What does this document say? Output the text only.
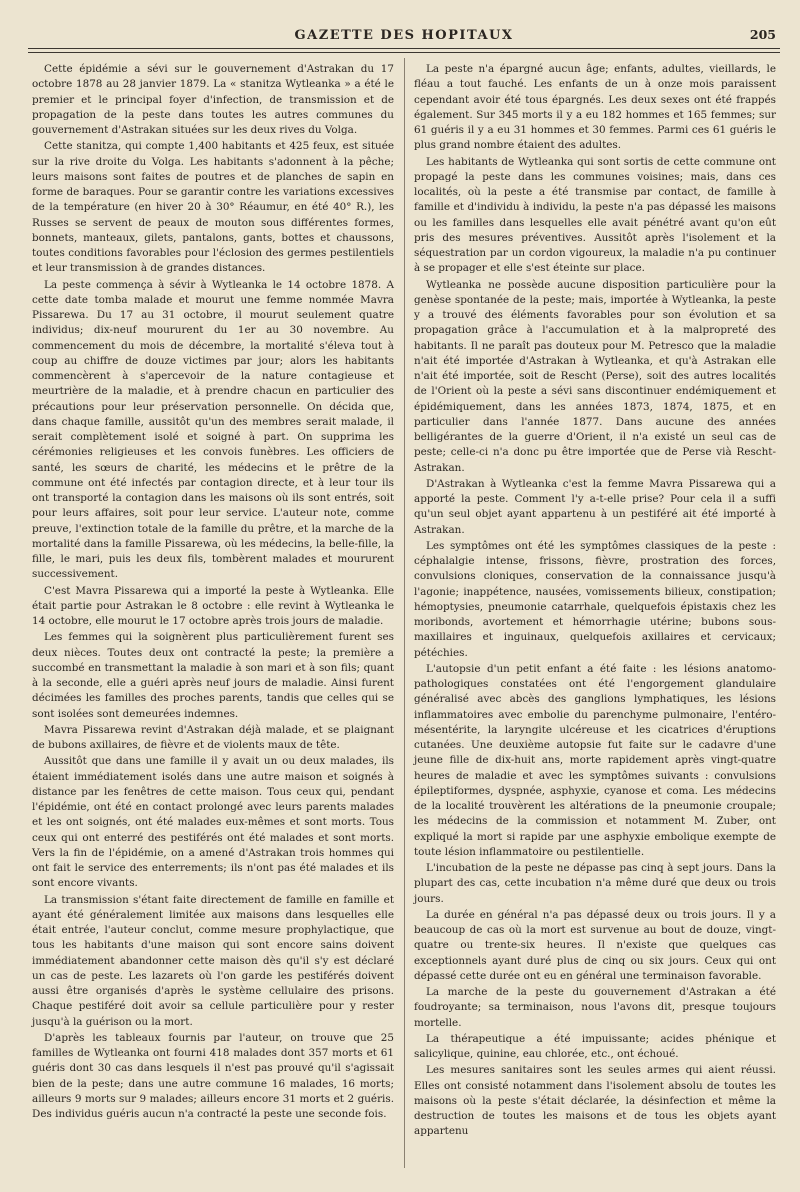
GAZETTE DES HOPITAUX	205

Cette épidémie a sévi sur le gouvernement d'Astrakan du 17 octobre 1878 au 28 janvier 1879. La « stanitza Wytleanka » a été le premier et le principal foyer d'infection, de transmission et de propagation de la peste dans toutes les autres communes du gouvernement d'Astrakan situées sur les deux rives du Volga.

Cette stanitza, qui compte 1,400 habitants et 425 feux, est située sur la rive droite du Volga. Les habitants s'adonnent à la pêche; leurs maisons sont faites de poutres et de planches de sapin en forme de baraques. Pour se garantir contre les variations excessives de la température (en hiver 20 à 30° Réaumur, en été 40° R.), les Russes se servent de peaux de mouton sous différentes formes, bonnets, manteaux, gilets, pantalons, gants, bottes et chaussons, toutes conditions favorables pour l'éclosion des germes pestilentiels et leur transmission à de grandes distances.

La peste commença à sévir à Wytleanka le 14 octobre 1878. A cette date tomba malade et mourut une femme nommée Mavra Pissarewa. Du 17 au 31 octobre, il mourut seulement quatre individus; dix-neuf moururent du 1er au 30 novembre. Au commencement du mois de décembre, la mortalité s'éleva tout à coup au chiffre de douze victimes par jour; alors les habitants commencèrent à s'apercevoir de la nature contagieuse et meurtrière de la maladie, et à prendre chacun en particulier des précautions pour leur préservation personnelle. On décida que, dans chaque famille, aussitôt qu'un des membres serait malade, il serait complètement isolé et soigné à part. On supprima les cérémonies religieuses et les convois funèbres. Les officiers de santé, les sœurs de charité, les médecins et le prêtre de la commune ont été infectés par contagion directe, et à leur tour ils ont transporté la contagion dans les maisons où ils sont entrés, soit pour leurs affaires, soit pour leur service. L'auteur note, comme preuve, l'extinction totale de la famille du prêtre, et la marche de la mortalité dans la famille Pissarewa, où les médecins, la belle-fille, la fille, le mari, puis les deux fils, tombèrent malades et moururent successivement.

C'est Mavra Pissarewa qui a importé la peste à Wytleanka. Elle était partie pour Astrakan le 8 octobre : elle revint à Wytleanka le 14 octobre, elle mourut le 17 octobre après trois jours de maladie.

Les femmes qui la soignèrent plus particulièrement furent ses deux nièces. Toutes deux ont contracté la peste; la première a succombé en transmettant la maladie à son mari et à son fils; quant à la seconde, elle a guéri après neuf jours de maladie. Ainsi furent décimées les familles des proches parents, tandis que celles qui se sont isolées sont demeurées indemnes.

Mavra Pissarewa revint d'Astrakan déjà malade, et se plaignant de bubons axillaires, de fièvre et de violents maux de tête.

Aussitôt que dans une famille il y avait un ou deux malades, ils étaient immédiatement isolés dans une autre maison et soignés à distance par les fenêtres de cette maison. Tous ceux qui, pendant l'épidémie, ont été en contact prolongé avec leurs parents malades et les ont soignés, ont été malades eux-mêmes et sont morts. Tous ceux qui ont enterré des pestiférés ont été malades et sont morts. Vers la fin de l'épidémie, on a amené d'Astrakan trois hommes qui ont fait le service des enterrements; ils n'ont pas été malades et ils sont encore vivants.

La transmission s'étant faite directement de famille en famille et ayant été généralement limitée aux maisons dans lesquelles elle était entrée, l'auteur conclut, comme mesure prophylactique, que tous les habitants d'une maison qui sont encore sains doivent immédiatement abandonner cette maison dès qu'il s'y est déclaré un cas de peste. Les lazarets où l'on garde les pestiférés doivent aussi être organisés d'après le système cellulaire des prisons. Chaque pestiféré doit avoir sa cellule particulière pour y rester jusqu'à la guérison ou la mort.

D'après les tableaux fournis par l'auteur, on trouve que 25 familles de Wytleanka ont fourni 418 malades dont 357 morts et 61 guéris dont 30 cas dans lesquels il n'est pas prouvé qu'il s'agissait bien de la peste; dans une autre commune 16 malades, 16 morts; ailleurs 9 morts sur 9 malades; ailleurs encore 31 morts et 2 guéris. Des individus guéris aucun n'a contracté la peste une seconde fois.

La peste n'a épargné aucun âge; enfants, adultes, vieillards, le fléau a tout fauché. Les enfants de un à onze mois paraissent cependant avoir été tous épargnés. Les deux sexes ont été frappés également. Sur 345 morts il y a eu 182 hommes et 165 femmes; sur 61 guéris il y a eu 31 hommes et 30 femmes. Parmi ces 61 guéris le plus grand nombre étaient des adultes.

Les habitants de Wytleanka qui sont sortis de cette commune ont propagé la peste dans les communes voisines; mais, dans ces localités, où la peste a été transmise par contact, de famille à famille et d'individu à individu, la peste n'a pas dépassé les maisons ou les familles dans lesquelles elle avait pénétré avant qu'on eût pris des mesures préventives. Aussitôt après l'isolement et la séquestration par un cordon vigoureux, la maladie n'a pu continuer à se propager et elle s'est éteinte sur place.

Wytleanka ne possède aucune disposition particulière pour la genèse spontanée de la peste; mais, importée à Wytleanka, la peste y a trouvé des éléments favorables pour son évolution et sa propagation grâce à l'accumulation et à la malpropreté des habitants. Il ne paraît pas douteux pour M. Petresco que la maladie n'ait été importée d'Astrakan à Wytleanka, et qu'à Astrakan elle n'ait été importée, soit de Rescht (Perse), soit des autres localités de l'Orient où la peste a sévi sans discontinuer endémiquement et épidémiquement, dans les années 1873, 1874, 1875, et en particulier dans l'année 1877. Dans aucune des années belligérantes de la guerre d'Orient, il n'a existé un seul cas de peste; celle-ci n'a donc pu être importée que de Perse vià Rescht-Astrakan.

D'Astrakan à Wytleanka c'est la femme Mavra Pissarewa qui a apporté la peste. Comment l'y a-t-elle prise? Pour cela il a suffi qu'un seul objet ayant appartenu à un pestiféré ait été importé à Astrakan.

Les symptômes ont été les symptômes classiques de la peste : céphalalgie intense, frissons, fièvre, prostration des forces, convulsions cloniques, conservation de la connaissance jusqu'à l'agonie; inappétence, nausées, vomissements bilieux, constipation; hémoptysies, pneumonie catarrhale, quelquefois épistaxis chez les moribonds, avortement et hémorrhagie utérine; bubons sous-maxillaires et inguinaux, quelquefois axillaires et cervicaux; pétéchies.

L'autopsie d'un petit enfant a été faite : les lésions anatomo-pathologiques constatées ont été l'engorgement glandulaire généralisé avec abcès des ganglions lymphatiques, les lésions inflammatoires avec embolie du parenchyme pulmonaire, l'entéro-mésentérite, la laryngite ulcéreuse et les cicatrices d'éruptions cutanées. Une deuxième autopsie fut faite sur le cadavre d'une jeune fille de dix-huit ans, morte rapidement après vingt-quatre heures de maladie et avec les symptômes suivants : convulsions épileptiformes, dyspnée, asphyxie, cyanose et coma. Les médecins de la localité trouvèrent les altérations de la pneumonie croupale; les médecins de la commission et notamment M. Zuber, ont expliqué la mort si rapide par une asphyxie embolique exempte de toute lésion inflammatoire ou pestilentielle.

L'incubation de la peste ne dépasse pas cinq à sept jours. Dans la plupart des cas, cette incubation n'a même duré que deux ou trois jours.

La durée en général n'a pas dépassé deux ou trois jours. Il y a beaucoup de cas où la mort est survenue au bout de douze, vingt-quatre ou trente-six heures. Il n'existe que quelques cas exceptionnels ayant duré plus de cinq ou six jours. Ceux qui ont dépassé cette durée ont eu en général une terminaison favorable.

La marche de la peste du gouvernement d'Astrakan a été foudroyante; sa terminaison, nous l'avons dit, presque toujours mortelle.

La thérapeutique a été impuissante; acides phénique et salicylique, quinine, eau chlorée, etc., ont échoué.

Les mesures sanitaires sont les seules armes qui aient réussi. Elles ont consisté notamment dans l'isolement absolu de toutes les maisons où la peste s'était déclarée, la désinfection et même la destruction de toutes les maisons et de tous les objets ayant appartenu
